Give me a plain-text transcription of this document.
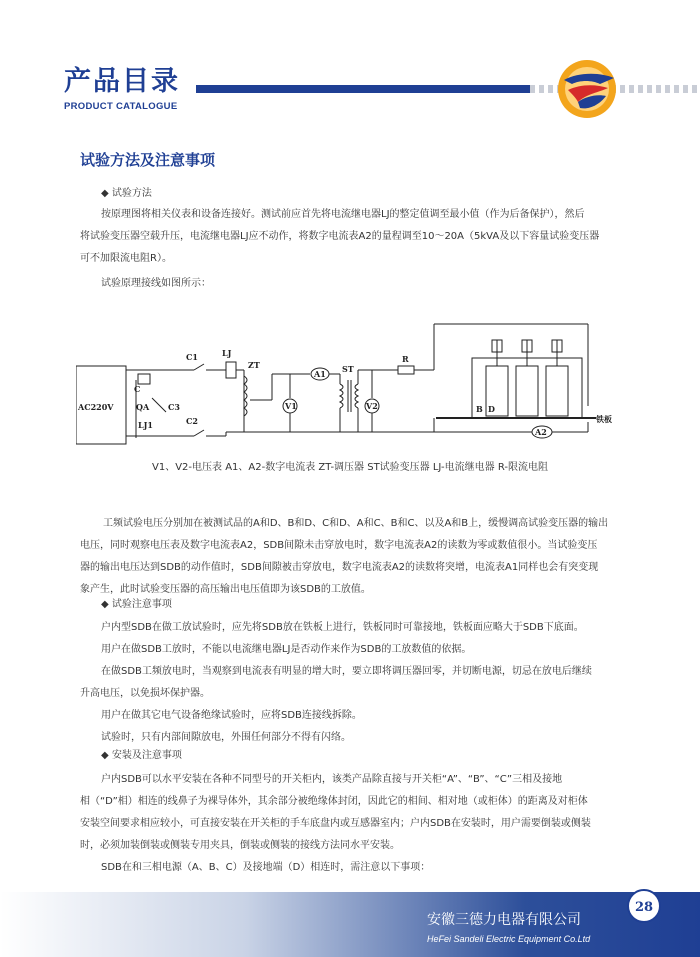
产品目录
PRODUCT CATALOGUE
试验方法及注意事项
◆ 试验方法
按原理图将相关仪表和设备连接好。测试前应首先将电流继电器LJ的整定值调至最小值（作为后备保护），然后
将试验变压器空载升压，电流继电器LJ应不动作，将数字电流表A2的量程调至10～20A（5kVA及以下容量试验变压器
可不加限流电阻R）。
试验原理接线如图所示：
AC220V
C1	LJ
ZT
A1
V1
ST
V2
R
B D
铁板
A2
C
C3
QA
LJ1	C2
V1、V2-电压表 A1、A2-数字电流表 ZT-调压器 ST试验变压器 LJ-电流继电器 R-限流电阻
工频试验电压分别加在被测试品的A和D、B和D、C和D、A和C、B和C、以及A和B上，缓慢调高试验变压器的输出
电压，同时观察电压表及数字电流表A2，SDB间隙未击穿放电时，数字电流表A2的读数为零或数值很小。当试验变压
器的输出电压达到SDB的动作值时，SDB间隙被击穿放电，数字电流表A2的读数将突增，电流表A1同样也会有突变现
象产生，此时试验变压器的高压输出电压值即为该SDB的工放值。
◆ 试验注意事项
户内型SDB在做工放试验时，应先将SDB放在铁板上进行，铁板同时可靠接地，铁板面应略大于SDB下底面。
用户在做SDB工放时，不能以电流继电器LJ是否动作来作为SDB的工放数值的依据。
在做SDB工频放电时，当观察到电流表有明显的增大时，要立即将调压器回零，并切断电源，切忌在放电后继续
升高电压，以免损坏保护器。
用户在做其它电气设备绝缘试验时，应将SDB连接线拆除。
试验时，只有内部间隙放电，外围任何部分不得有闪络。
◆ 安装及注意事项
户内SDB可以水平安装在各种不同型号的开关柜内，该类产品除直接与开关柜“A”、“B”、“C”三相及接地
相（“D”相）相连的线鼻子为裸导体外，其余部分被绝缘体封闭，因此它的相间、相对地（或柜体）的距离及对柜体
安装空间要求相应较小，可直接安装在开关柜的手车底盘内或互感器室内；户内SDB在安装时，用户需要倒装或侧装
时，必须加装倒装或侧装专用夹具，倒装或侧装的接线方法同水平安装。
SDB在和三相电源（A、B、C）及接地端（D）相连时，需注意以下事项：
28
安徽三德力电器有限公司
HeFei Sandeli Electric Equipment Co.Ltd
